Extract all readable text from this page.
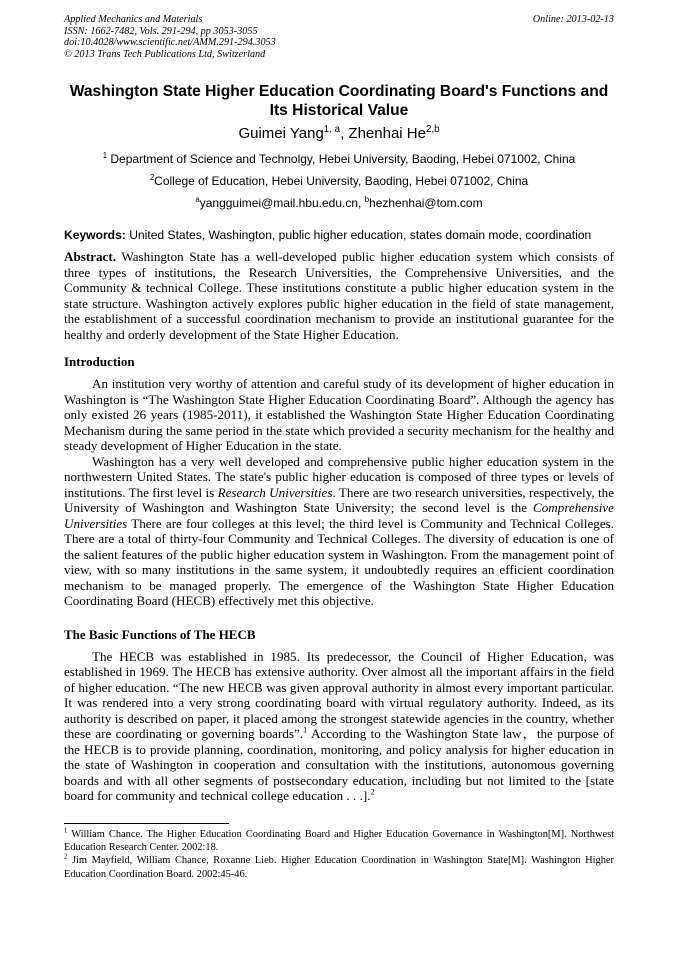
Applied Mechanics and Materials
ISSN: 1662-7482, Vols. 291-294, pp 3053-3055
doi:10.4028/www.scientific.net/AMM.291-294.3053
© 2013 Trans Tech Publications Ltd, Switzerland
Online: 2013-02-13
Washington State Higher Education Coordinating Board's Functions and
Its Historical Value
Guimei Yang$^{1, a}$, Zhenhai He$^{2,b}$
$^1$ Department of Science and Technolgy, Hebei University, Baoding, Hebei 071002, China
$^2$College of Education, Hebei University, Baoding, Hebei 071002, China
$^a$yangguimei@mail.hbu.edu.cn, $^b$hezhenhai@tom.com
Keywords: United States, Washington, public higher education, states domain mode, coordination
Abstract. Washington State has a well-developed public higher education system which consists of three types of institutions, the Research Universities, the Comprehensive Universities, and the Community & technical College. These institutions constitute a public higher education system in the state structure. Washington actively explores public higher education in the field of state management, the establishment of a successful coordination mechanism to provide an institutional guarantee for the healthy and orderly development of the State Higher Education.
Introduction

An institution very worthy of attention and careful study of its development of higher education in Washington is “The Washington State Higher Education Coordinating Board”. Although the agency has only existed 26 years (1985-2011), it established the Washington State Higher Education Coordinating Mechanism during the same period in the state which provided a security mechanism for the healthy and steady development of Higher Education in the state.

Washington has a very well developed and comprehensive public higher education system in the northwestern United States. The state's public higher education is composed of three types or levels of institutions. The first level is Research Universities. There are two research universities, respectively, the University of Washington and Washington State University; the second level is the Comprehensive Universities There are four colleges at this level; the third level is Community and Technical Colleges. There are a total of thirty-four Community and Technical Colleges. The diversity of education is one of the salient features of the public higher education system in Washington. From the management point of view, with so many institutions in the same system, it undoubtedly requires an efficient coordination mechanism to be managed properly. The emergence of the Washington State Higher Education Coordinating Board (HECB) effectively met this objective.

The Basic Functions of The HECB

The HECB was established in 1985. Its predecessor, the Council of Higher Education, was established in 1969. The HECB has extensive authority. Over almost all the important affairs in the field of higher education. “The new HECB was given approval authority in almost every important particular. It was rendered into a very strong coordinating board with virtual regulatory authority. Indeed, as its authority is described on paper, it placed among the strongest statewide agencies in the country, whether these are coordinating or governing boards”.$^1$ According to the Washington State law，the purpose of the HECB is to provide planning, coordination, monitoring, and policy analysis for higher education in the state of Washington in cooperation and consultation with the institutions, autonomous governing boards and with all other segments of postsecondary education, including but not limited to the [state board for community and technical college education . . .].$^2$

$^1$ William Chance. The Higher Education Coordinating Board and Higher Education Governance in Washington[M]. Northwest Education Research Center. 2002:18.

$^2$ Jim Mayfield, William Chance, Roxanne Lieb. Higher Education Coordination in Washington State[M]. Washington Higher Education Coordination Board. 2002:45-46.
